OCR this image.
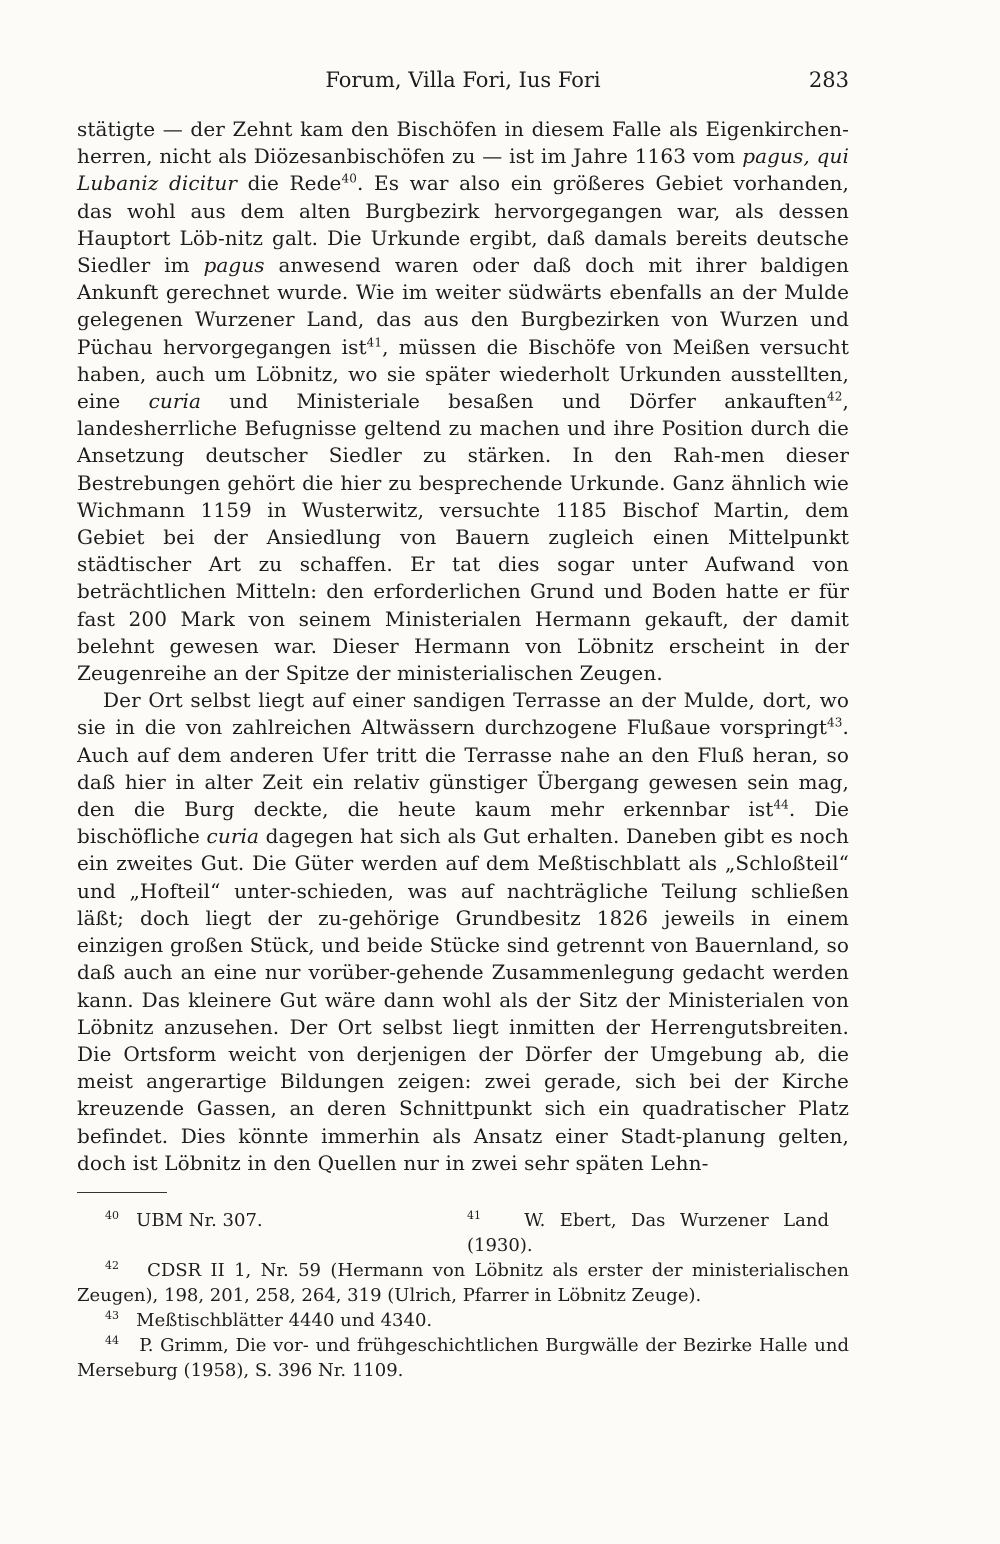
Forum, Villa Fori, Ius Fori	283

stätigte — der Zehnt kam den Bischöfen in diesem Falle als Eigenkirchen-herren, nicht als Diözesanbischöfen zu — ist im Jahre 1163 vom pagus, qui Lubaniz dicitur die Rede$^{40}$. Es war also ein größeres Gebiet vorhanden, das wohl aus dem alten Burgbezirk hervorgegangen war, als dessen Hauptort Löb-nitz galt. Die Urkunde ergibt, daß damals bereits deutsche Siedler im pagus anwesend waren oder daß doch mit ihrer baldigen Ankunft gerechnet wurde. Wie im weiter südwärts ebenfalls an der Mulde gelegenen Wurzener Land, das aus den Burgbezirken von Wurzen und Püchau hervorgegangen ist$^{41}$, müssen die Bischöfe von Meißen versucht haben, auch um Löbnitz, wo sie später wiederholt Urkunden ausstellten, eine curia und Ministeriale besaßen und Dörfer ankauften$^{42}$, landesherrliche Befugnisse geltend zu machen und ihre Position durch die Ansetzung deutscher Siedler zu stärken. In den Rah-men dieser Bestrebungen gehört die hier zu besprechende Urkunde. Ganz ähnlich wie Wichmann 1159 in Wusterwitz, versuchte 1185 Bischof Martin, dem Gebiet bei der Ansiedlung von Bauern zugleich einen Mittelpunkt städtischer Art zu schaffen. Er tat dies sogar unter Aufwand von beträchtlichen Mitteln: den erforderlichen Grund und Boden hatte er für fast 200 Mark von seinem Ministerialen Hermann gekauft, der damit belehnt gewesen war. Dieser Hermann von Löbnitz erscheint in der Zeugenreihe an der Spitze der ministerialischen Zeugen.

Der Ort selbst liegt auf einer sandigen Terrasse an der Mulde, dort, wo sie in die von zahlreichen Altwässern durchzogene Flußaue vorspringt$^{43}$. Auch auf dem anderen Ufer tritt die Terrasse nahe an den Fluß heran, so daß hier in alter Zeit ein relativ günstiger Übergang gewesen sein mag, den die Burg deckte, die heute kaum mehr erkennbar ist$^{44}$. Die bischöfliche curia dagegen hat sich als Gut erhalten. Daneben gibt es noch ein zweites Gut. Die Güter werden auf dem Meßtischblatt als „Schloßteil“ und „Hofteil“ unter-schieden, was auf nachträgliche Teilung schließen läßt; doch liegt der zu-gehörige Grundbesitz 1826 jeweils in einem einzigen großen Stück, und beide Stücke sind getrennt von Bauernland, so daß auch an eine nur vorüber-gehende Zusammenlegung gedacht werden kann. Das kleinere Gut wäre dann wohl als der Sitz der Ministerialen von Löbnitz anzusehen. Der Ort selbst liegt inmitten der Herrengutsbreiten. Die Ortsform weicht von derjenigen der Dörfer der Umgebung ab, die meist angerartige Bildungen zeigen: zwei gerade, sich bei der Kirche kreuzende Gassen, an deren Schnittpunkt sich ein quadratischer Platz befindet. Dies könnte immerhin als Ansatz einer Stadt-planung gelten, doch ist Löbnitz in den Quellen nur in zwei sehr späten Lehn-

$^{40}$ UBM Nr. 307.	$^{41}$ W. Ebert, Das Wurzener Land (1930).

$^{42}$ CDSR II 1, Nr. 59 (Hermann von Löbnitz als erster der ministerialischen Zeugen), 198, 201, 258, 264, 319 (Ulrich, Pfarrer in Löbnitz Zeuge).

$^{43}$ Meßtischblätter 4440 und 4340.

$^{44}$ P. Grimm, Die vor- und frühgeschichtlichen Burgwälle der Bezirke Halle und Merseburg (1958), S. 396 Nr. 1109.
